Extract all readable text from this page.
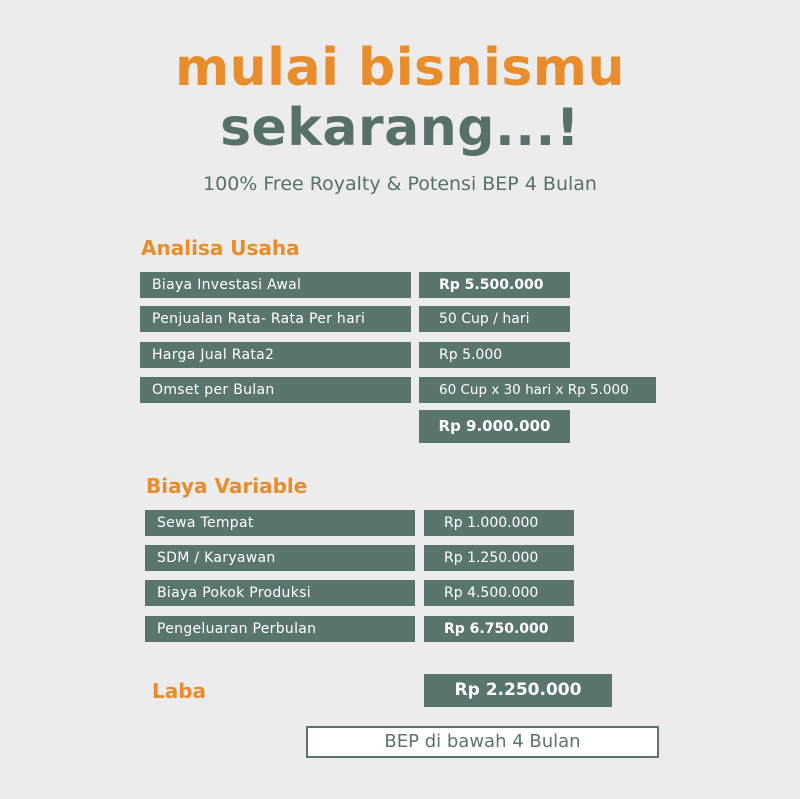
mulai bisnismu
sekarang...!
100% Free Royalty & Potensi BEP 4 Bulan
Analisa Usaha
Biaya Investasi Awal	Rp 5.500.000
Penjualan Rata- Rata Per hari	50 Cup / hari
Harga Jual Rata2	Rp 5.000
Omset per Bulan	60 Cup x 30 hari x Rp 5.000
Rp 9.000.000
Biaya Variable
Sewa Tempat	Rp 1.000.000
SDM / Karyawan	Rp 1.250.000
Biaya Pokok Produksi	Rp 4.500.000
Pengeluaran Perbulan	Rp 6.750.000
Laba	Rp 2.250.000
BEP di bawah 4 Bulan
